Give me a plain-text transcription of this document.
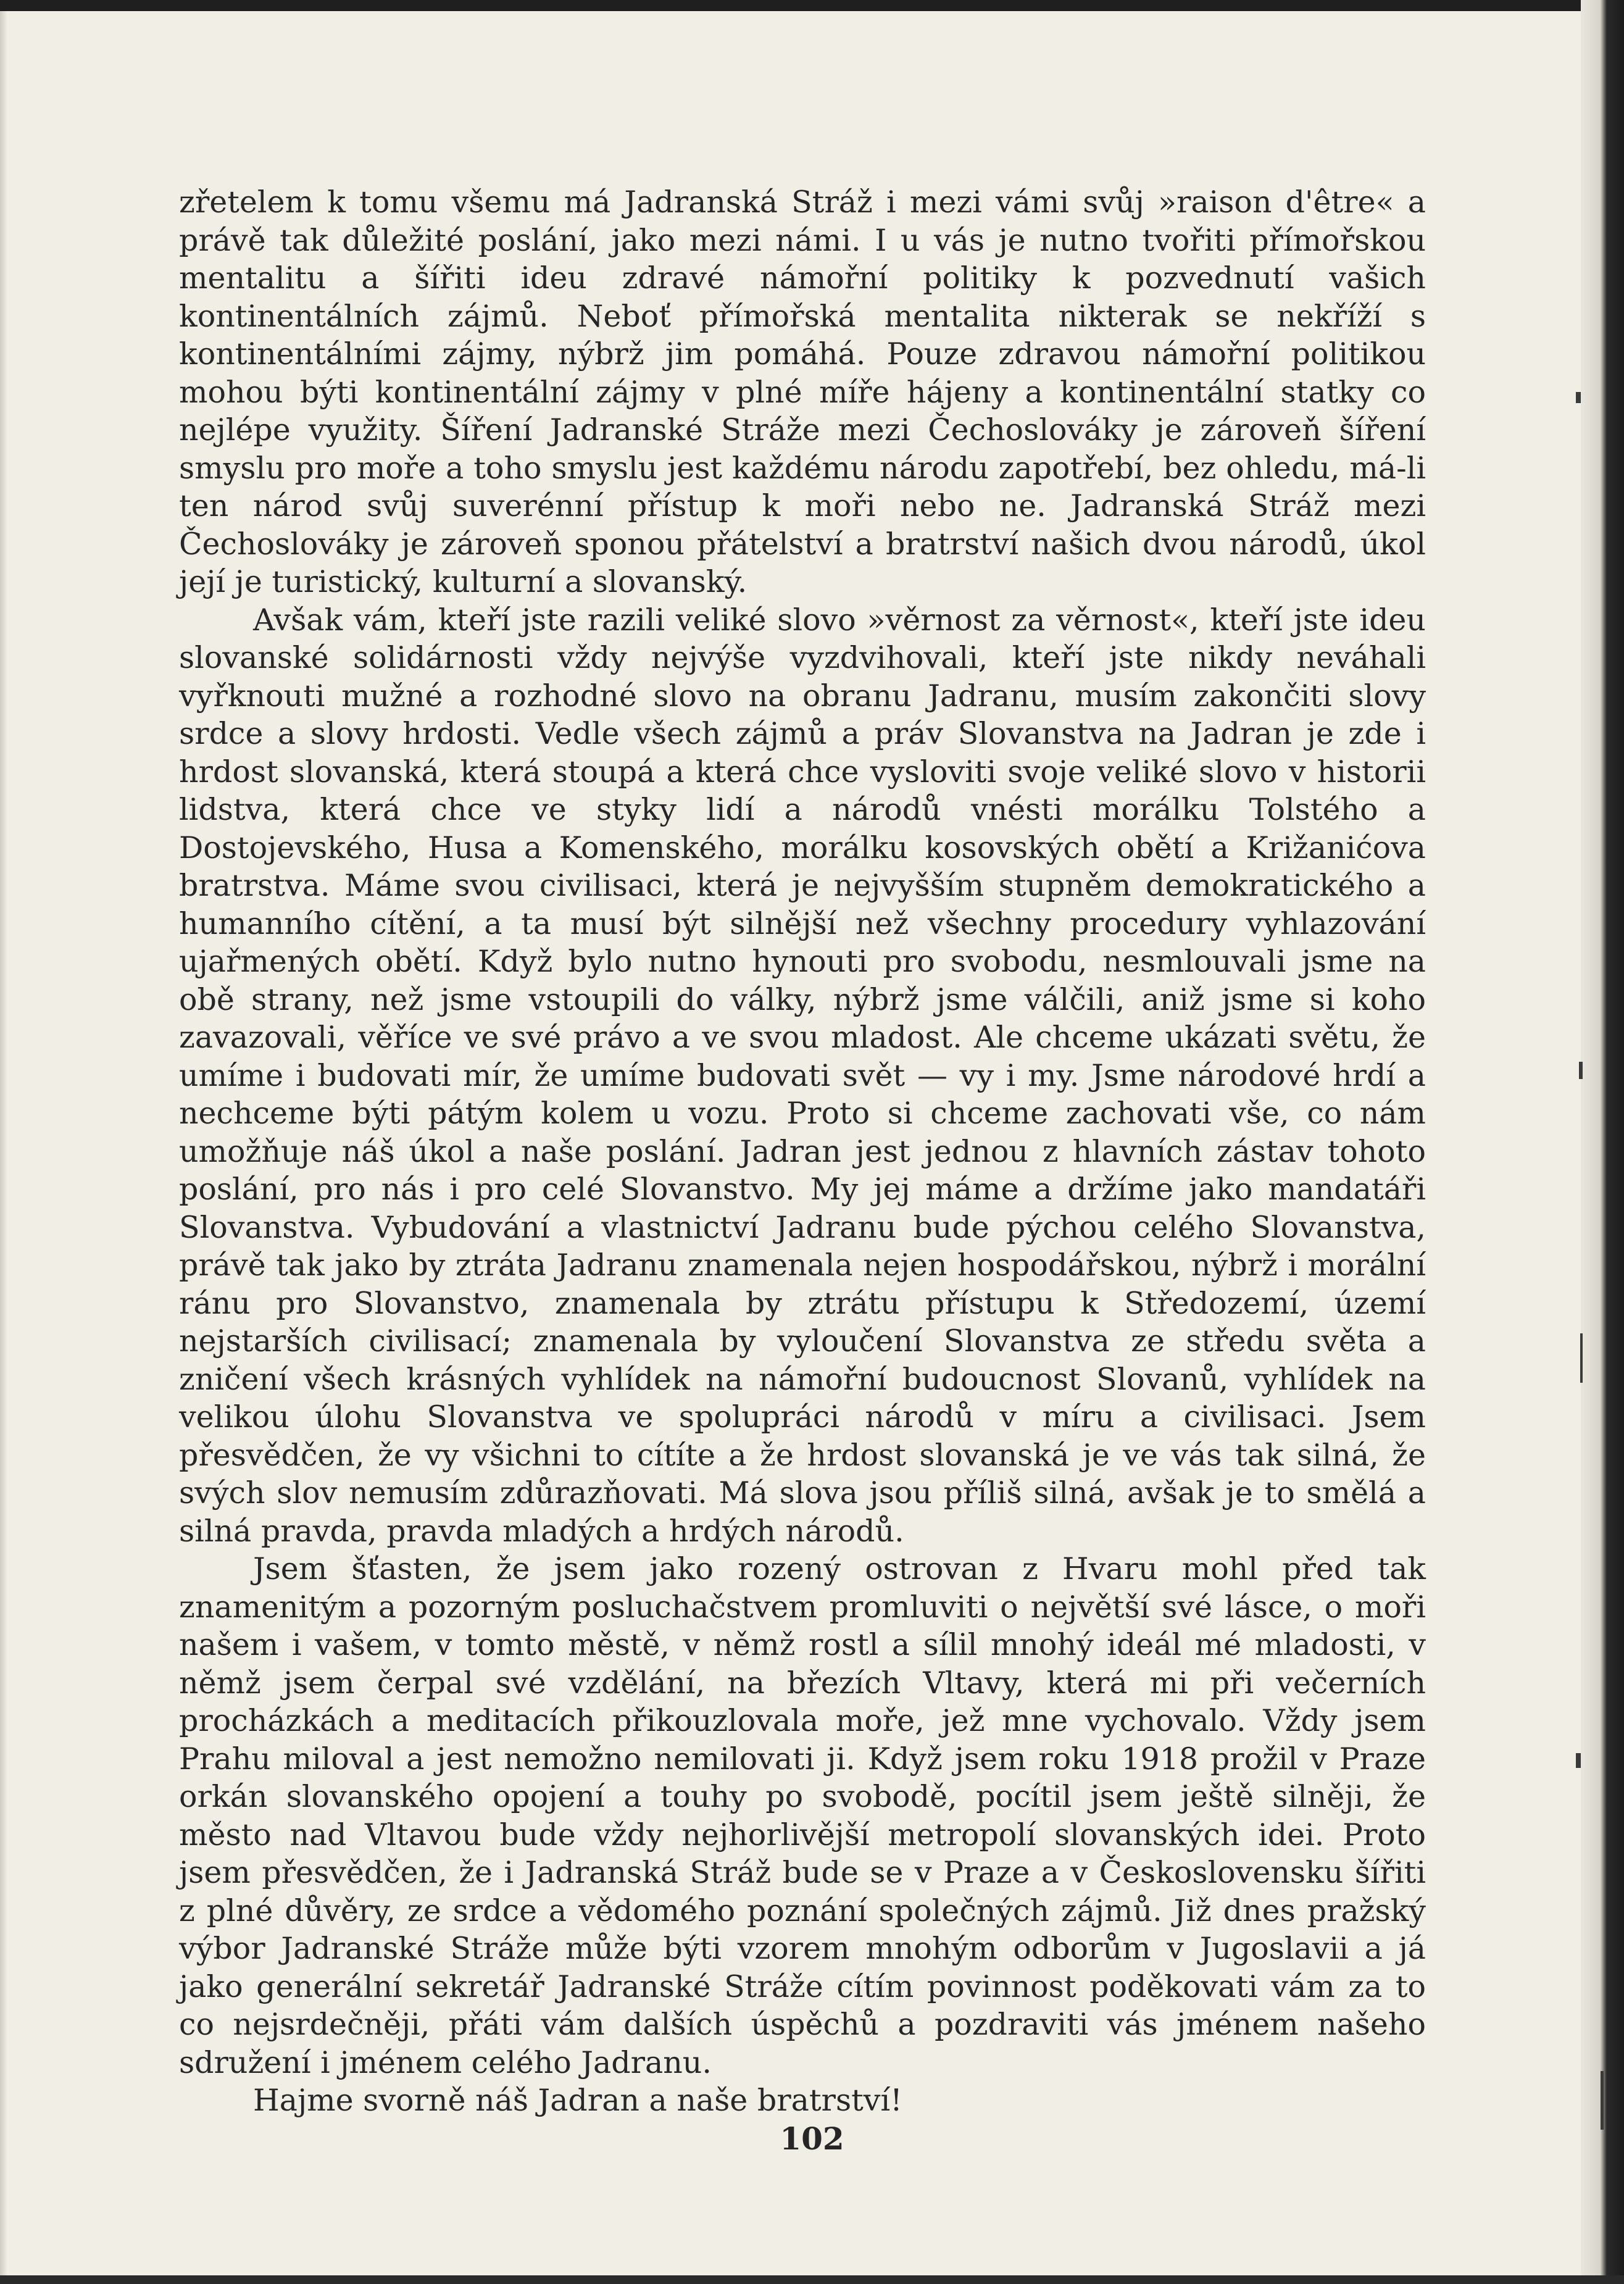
zřetelem k tomu všemu má Jadranská Stráž i mezi vámi svůj »raison d'être« a právě tak důležité poslání, jako mezi námi. I u vás je nutno tvořiti přímořskou mentalitu a šířiti ideu zdravé námořní politiky k pozvednutí vašich kontinentálních zájmů. Neboť přímořská mentalita nikterak se nekříží s kontinentálními zájmy, nýbrž jim pomáhá. Pouze zdravou námořní politikou mohou býti kontinentální zájmy v plné míře hájeny a kontinentální statky co nejlépe využity. Šíření Jadranské Stráže mezi Čechoslováky je zároveň šíření smyslu pro moře a toho smyslu jest každému národu zapotřebí, bez ohledu, má-li ten národ svůj suverénní přístup k moři nebo ne. Jadranská Stráž mezi Čechoslováky je zároveň sponou přátelství a bratrství našich dvou národů, úkol její je turistický, kulturní a slovanský.

Avšak vám, kteří jste razili veliké slovo »věrnost za věrnost«, kteří jste ideu slovanské solidárnosti vždy nejvýše vyzdvihovali, kteří jste nikdy neváhali vyřknouti mužné a rozhodné slovo na obranu Jadranu, musím zakončiti slovy srdce a slovy hrdosti. Vedle všech zájmů a práv Slovanstva na Jadran je zde i hrdost slovanská, která stoupá a která chce vysloviti svoje veliké slovo v historii lidstva, která chce ve styky lidí a národů vnésti morálku Tolstého a Dostojevského, Husa a Komenského, morálku kosovských obětí a Križanićova bratrstva. Máme svou civilisaci, která je nejvyšším stupněm demokratického a humanního cítění, a ta musí být silnější než všechny procedury vyhlazování ujařmených obětí. Když bylo nutno hynouti pro svobodu, nesmlouvali jsme na obě strany, než jsme vstoupili do války, nýbrž jsme válčili, aniž jsme si koho zavazovali, věříce ve své právo a ve svou mladost. Ale chceme ukázati světu, že umíme i budovati mír, že umíme budovati svět — vy i my. Jsme národové hrdí a nechceme býti pátým kolem u vozu. Proto si chceme zachovati vše, co nám umožňuje náš úkol a naše poslání. Jadran jest jednou z hlavních zástav tohoto poslání, pro nás i pro celé Slovanstvo. My jej máme a držíme jako mandatáři Slovanstva. Vybudování a vlastnictví Jadranu bude pýchou celého Slovanstva, právě tak jako by ztráta Jadranu znamenala nejen hospodářskou, nýbrž i morální ránu pro Slovanstvo, znamenala by ztrátu přístupu k Středozemí, území nejstarších civilisací; znamenala by vyloučení Slovanstva ze středu světa a zničení všech krásných vyhlídek na námořní budoucnost Slovanů, vyhlídek na velikou úlohu Slovanstva ve spolupráci národů v míru a civilisaci. Jsem přesvědčen, že vy všichni to cítíte a že hrdost slovanská je ve vás tak silná, že svých slov nemusím zdůrazňovati. Má slova jsou příliš silná, avšak je to smělá a silná pravda, pravda mladých a hrdých národů.

Jsem šťasten, že jsem jako rozený ostrovan z Hvaru mohl před tak znamenitým a pozorným posluchačstvem promluviti o největší své lásce, o moři našem i vašem, v tomto městě, v němž rostl a sílil mnohý ideál mé mladosti, v němž jsem čerpal své vzdělání, na březích Vltavy, která mi při večerních procházkách a meditacích přikouzlovala moře, jež mne vychovalo. Vždy jsem Prahu miloval a jest nemožno nemilovati ji. Když jsem roku 1918 prožil v Praze orkán slovanského opojení a touhy po svobodě, pocítil jsem ještě silněji, že město nad Vltavou bude vždy nejhorlivější metropolí slovanských idei. Proto jsem přesvědčen, že i Jadranská Stráž bude se v Praze a v Československu šířiti z plné důvěry, ze srdce a vědomého poznání společných zájmů. Již dnes pražský výbor Jadranské Stráže může býti vzorem mnohým odborům v Jugoslavii a já jako generální sekretář Jadranské Stráže cítím povinnost poděkovati vám za to co nejsrdečněji, přáti vám dalších úspěchů a pozdraviti vás jménem našeho sdružení i jménem celého Jadranu.

Hajme svorně náš Jadran a naše bratrství!

102
